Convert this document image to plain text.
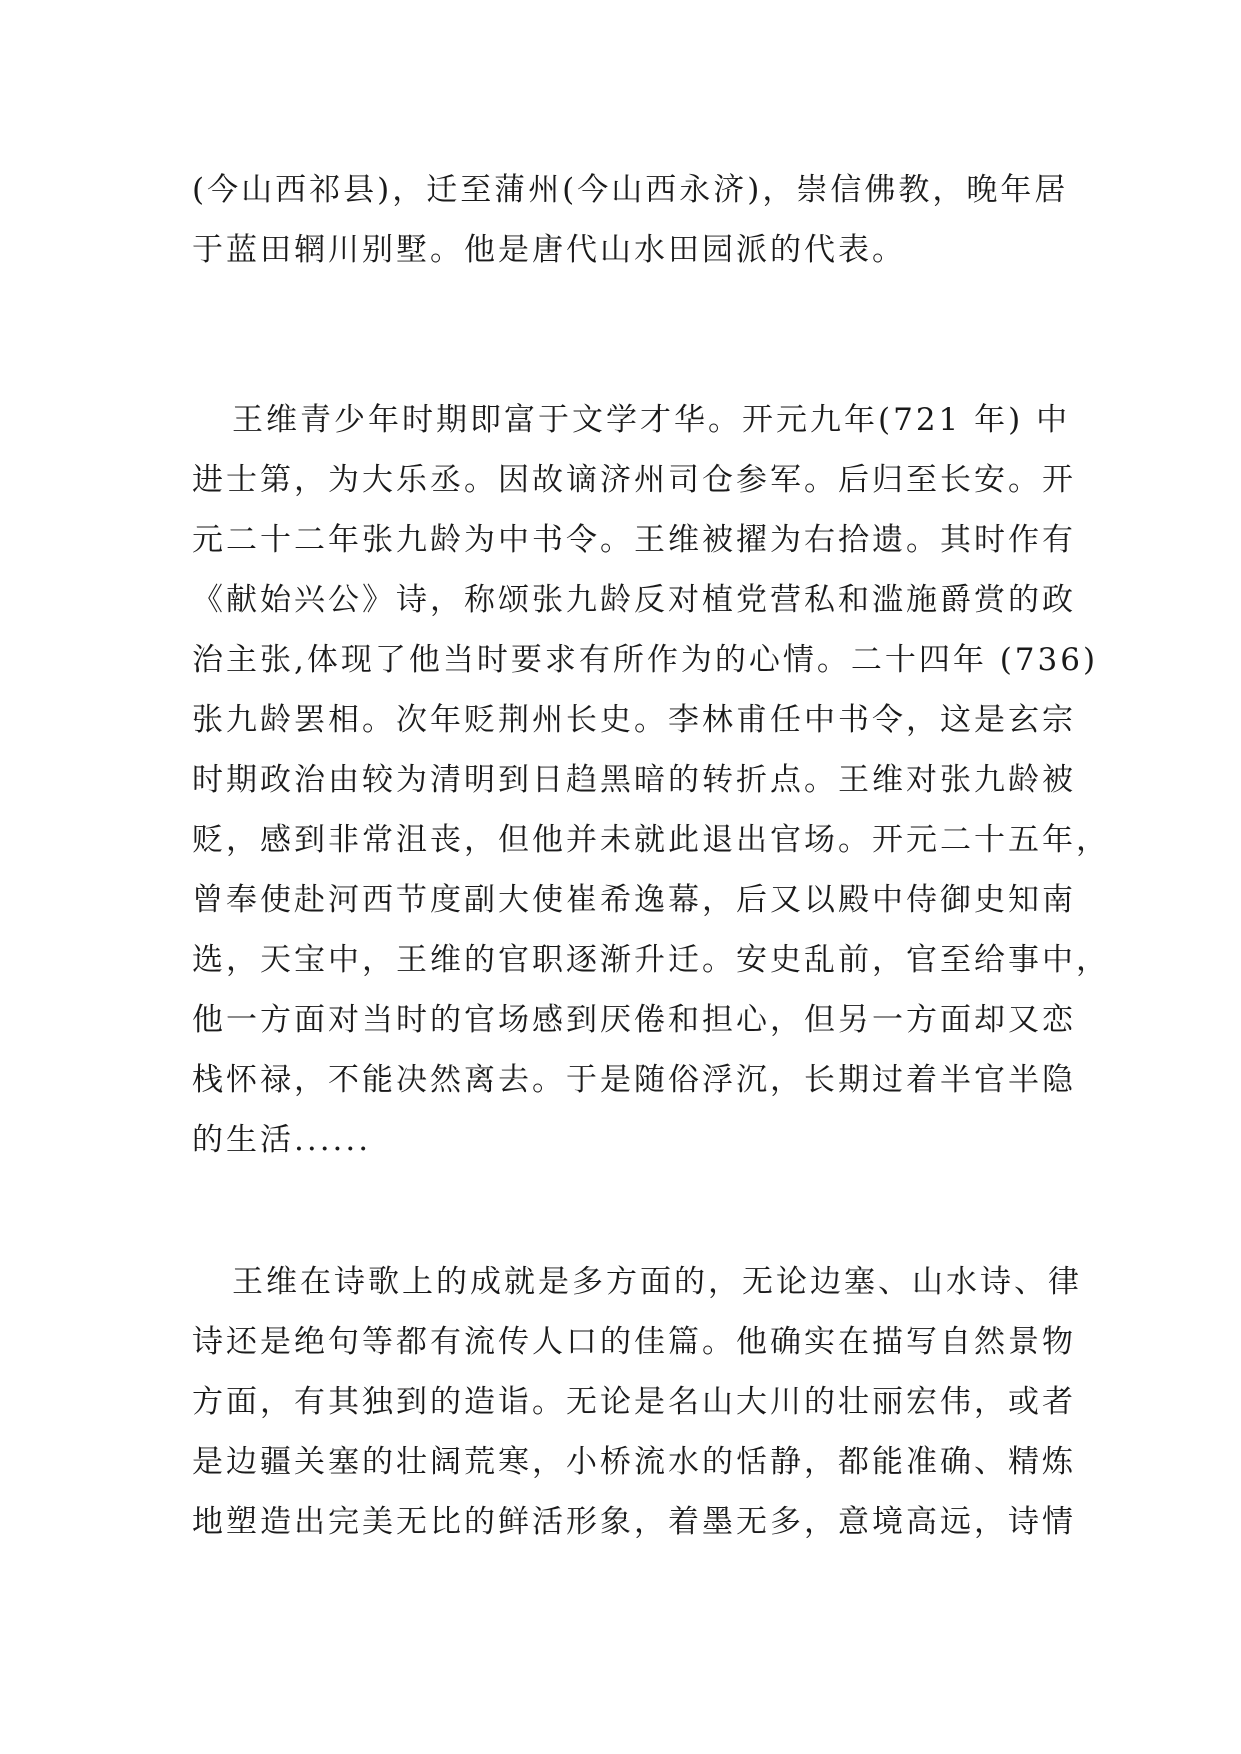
(今山西祁县)，迁至蒲州(今山西永济)，崇信佛教，晚年居
于蓝田辋川别墅。他是唐代山水田园派的代表。
王维青少年时期即富于文学才华。开元九年(721 年) 中
进士第，为大乐丞。因故谪济州司仓参军。后归至长安。开
元二十二年张九龄为中书令。王维被擢为右拾遗。其时作有
《献始兴公》诗，称颂张九龄反对植党营私和滥施爵赏的政
治主张,体现了他当时要求有所作为的心情。二十四年 (736)
张九龄罢相。次年贬荆州长史。李林甫任中书令，这是玄宗
时期政治由较为清明到日趋黑暗的转折点。王维对张九龄被
贬，感到非常沮丧，但他并未就此退出官场。开元二十五年，
曾奉使赴河西节度副大使崔希逸幕，后又以殿中侍御史知南
选，天宝中，王维的官职逐渐升迁。安史乱前，官至给事中，
他一方面对当时的官场感到厌倦和担心，但另一方面却又恋
栈怀禄，不能决然离去。于是随俗浮沉，长期过着半官半隐
的生活......
王维在诗歌上的成就是多方面的，无论边塞、山水诗、律
诗还是绝句等都有流传人口的佳篇。他确实在描写自然景物
方面，有其独到的造诣。无论是名山大川的壮丽宏伟，或者
是边疆关塞的壮阔荒寒，小桥流水的恬静，都能准确、精炼
地塑造出完美无比的鲜活形象，着墨无多，意境高远，诗情
